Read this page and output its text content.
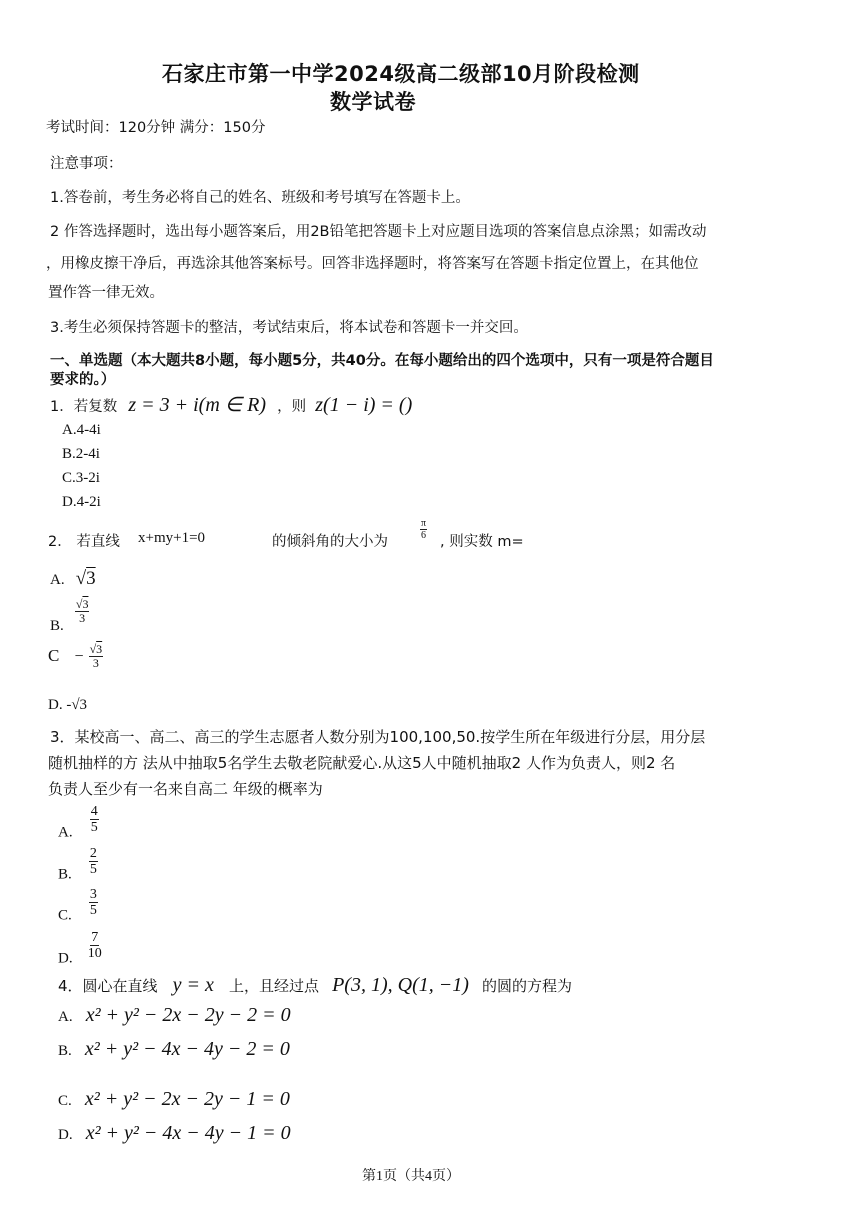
石家庄市第一中学2024级高二级部10月阶段检测
数学试卷
考试时间：120分钟 满分：150分
注意事项：
1.答卷前，考生务必将自己的姓名、班级和考号填写在答题卡上。
2 作答选择题时，选出每小题答案后，用2B铅笔把答题卡上对应题目选项的答案信息点涂黑；如需改动
，用橡皮擦干净后，再选涂其他答案标号。回答非选择题时，将答案写在答题卡指定位置上，在其他位
置作答一律无效。
3.考生必须保持答题卡的整洁，考试结束后，将本试卷和答题卡一并交回。
一、单选题（本大题共8小题，每小题5分，共40分。在每小题给出的四个选项中，只有一项是符合题目
要求的。）
1．若复数 z = 3 + i(m ∈ R) ，则 z(1 − i) = ()
A.4-4i
B.2-4i
C.3-2i
D.4-2i
2． 若直线 x+my+1=0	的倾斜角的大小为
$\frac{\pi}{6}$
, 则实数 m=
A. √3
B.
$\frac{√3}{3}$
$C - \frac{√3}{3}$
D. -√3
3．某校高一、高二、高三的学生志愿者人数分别为100,100,50.按学生所在年级进行分层，用分层
随机抽样的方 法从中抽取5名学生去敬老院献爱心.从这5人中随机抽取2 人作为负责人，则2 名
负责人至少有一名来自高二 年级的概率为
A. $\frac{4}{5}$
B. $\frac{2}{5}$
C. $\frac{3}{5}$
D. $\frac{7}{10}$
4．圆心在直线 y = x 上，且经过点 P(3, 1), Q(1, −1) 的圆的方程为
A. x² + y² − 2x − 2y − 2 = 0
B. x² + y² − 4x − 4y − 2 = 0
C. x² + y² − 2x − 2y − 1 = 0
D. x² + y² − 4x − 4y − 1 = 0
第1页（共4页）
